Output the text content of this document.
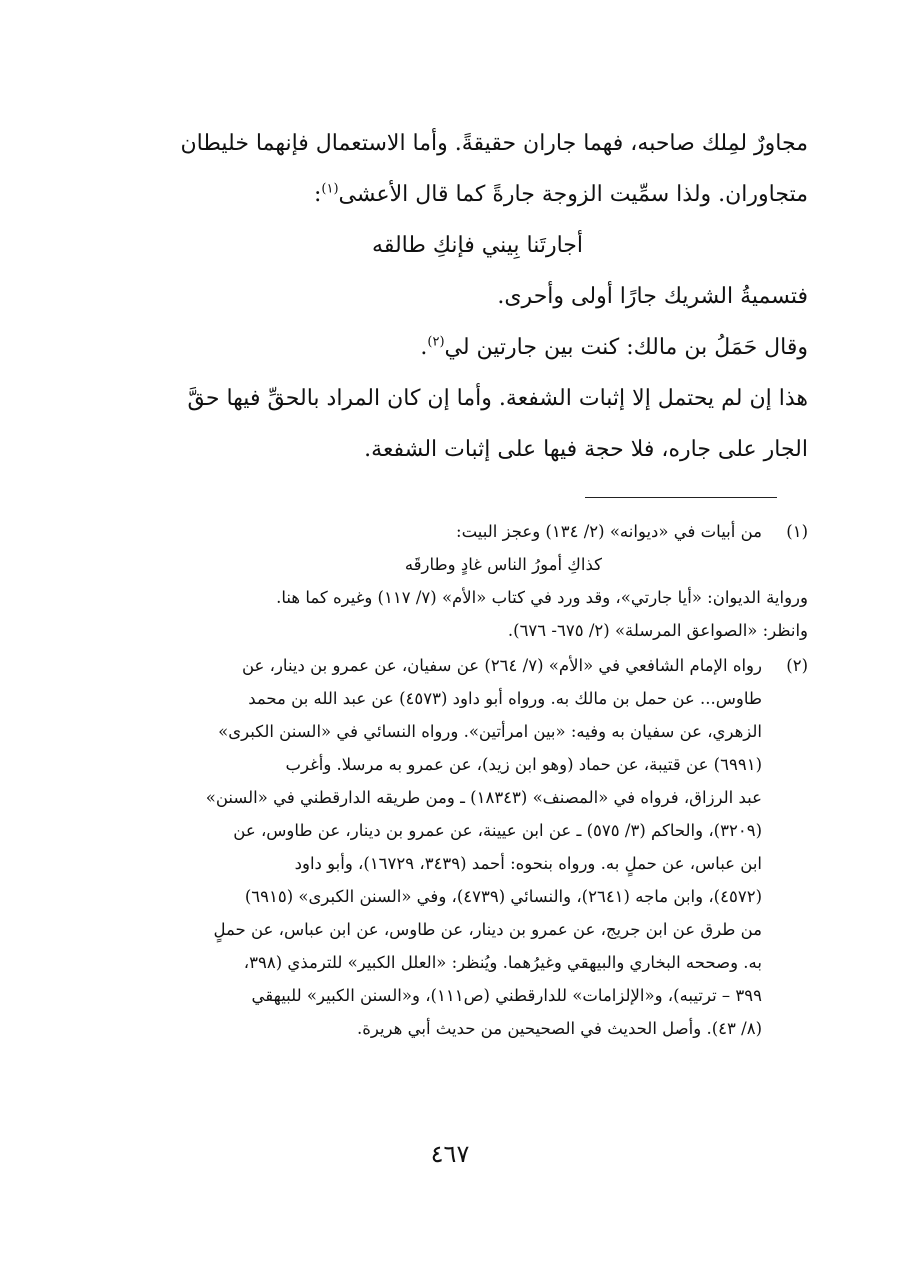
مجاورٌ لمِلك صاحبه، فهما جاران حقيقةً. وأما الاستعمال فإنهما خليطان
متجاوران. ولذا سمِّيت الزوجة جارةً كما قال الأعشى$^{(١)}$:
أجارتَنا بِيني فإنكِ طالقه
فتسميةُ الشريك جارًا أولى وأحرى.
وقال حَمَلُ بن مالك: كنت بين جارتين لي$^{(٢)}$.
هذا إن لم يحتمل إلا إثبات الشفعة. وأما إن كان المراد بالحقِّ فيها حقَّ
الجار على جاره، فلا حجة فيها على إثبات الشفعة.
(١)
من أبيات في «ديوانه» (٢/ ١٣٤) وعجز البيت:
كذاكِ أمورُ الناس غادٍ وطارقَه
ورواية الديوان: «أيا جارتي»، وقد ورد في كتاب «الأم» (٧/ ١١٧) وغيره كما هنا.
وانظر: «الصواعق المرسلة» (٢/ ٦٧٥- ٦٧٦).
(٢)
رواه الإمام الشافعي في «الأم» (٧/ ٢٦٤) عن سفيان، عن عمرو بن دينار، عن
طاوس... عن حمل بن مالك به. ورواه أبو داود (٤٥٧٣) عن عبد الله بن محمد
الزهري، عن سفيان به وفيه: «بين امرأتين». ورواه النسائي في «السنن الكبرى»
(٦٩٩١) عن قتيبة، عن حماد (وهو ابن زيد)، عن عمرو به مرسلا. وأغرب
عبد الرزاق، فرواه في «المصنف» (١٨٣٤٣) ـ ومن طريقه الدارقطني في «السنن»
(٣٢٠٩)، والحاكم (٣/ ٥٧٥) ـ عن ابن عيينة، عن عمرو بن دينار، عن طاوس، عن
ابن عباس، عن حملٍ به. ورواه بنحوه: أحمد (٣٤٣٩، ١٦٧٢٩)، وأبو داود
(٤٥٧٢)، وابن ماجه (٢٦٤١)، والنسائي (٤٧٣٩)، وفي «السنن الكبرى» (٦٩١٥)
من طرق عن ابن جريج، عن عمرو بن دينار، عن طاوس، عن ابن عباس، عن حملٍ
به. وصححه البخاري والبيهقي وغيرُهما. ويُنظر: «العلل الكبير» للترمذي (٣٩٨،
٣٩٩ – ترتيبه)، و«الإلزامات» للدارقطني (ص١١١)، و«السنن الكبير» للبيهقي
(٨/ ٤٣). وأصل الحديث في الصحيحين من حديث أبي هريرة.
٤٦٧
